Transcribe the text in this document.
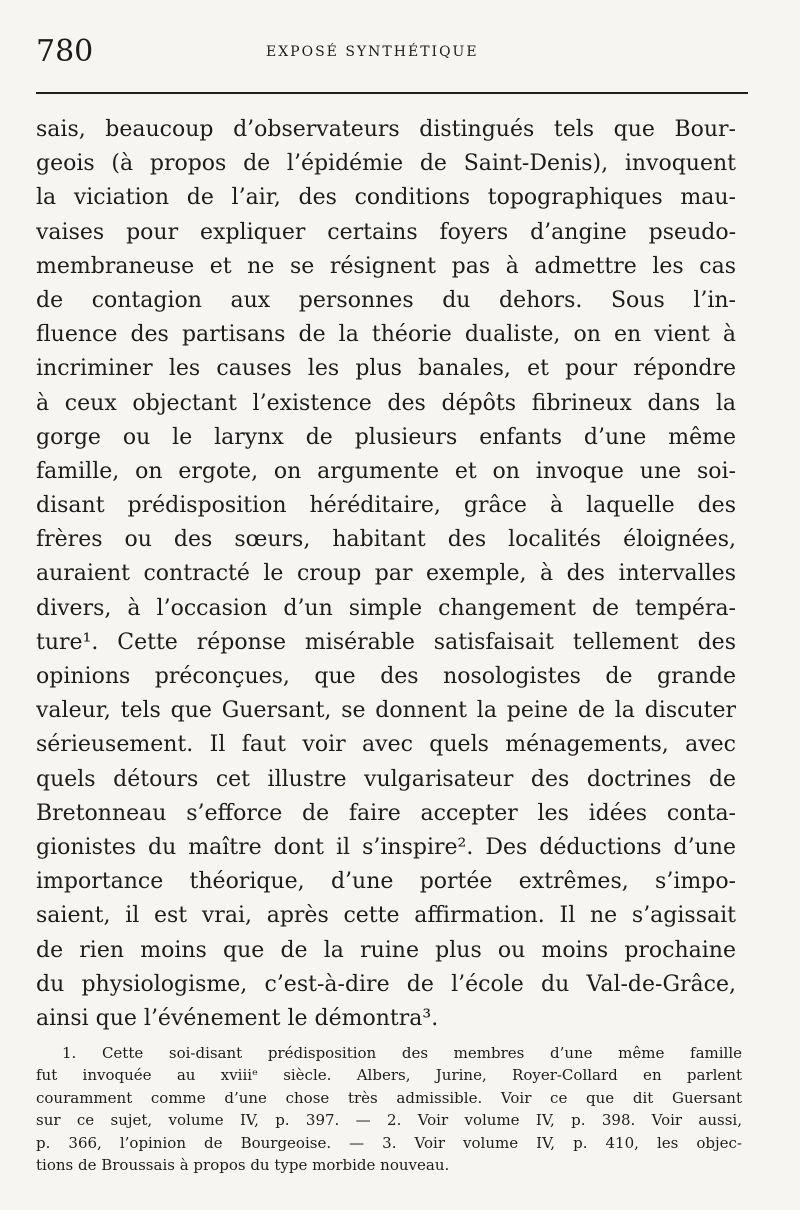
780	EXPOSÉ SYNTHÉTIQUE
sais, beaucoup d’observateurs distingués tels que Bour-
geois (à propos de l’épidémie de Saint-Denis), invoquent
la viciation de l’air, des conditions topographiques mau-
vaises pour expliquer certains foyers d’angine pseudo-
membraneuse et ne se résignent pas à admettre les cas
de contagion aux personnes du dehors. Sous l’in-
fluence des partisans de la théorie dualiste, on en vient à
incriminer les causes les plus banales, et pour répondre
à ceux objectant l’existence des dépôts fibrineux dans la
gorge ou le larynx de plusieurs enfants d’une même
famille, on ergote, on argumente et on invoque une soi-
disant prédisposition héréditaire, grâce à laquelle des
frères ou des sœurs, habitant des localités éloignées,
auraient contracté le croup par exemple, à des intervalles
divers, à l’occasion d’un simple changement de tempéra-
ture¹. Cette réponse misérable satisfaisait tellement des
opinions préconçues, que des nosologistes de grande
valeur, tels que Guersant, se donnent la peine de la discuter
sérieusement. Il faut voir avec quels ménagements, avec
quels détours cet illustre vulgarisateur des doctrines de
Bretonneau s’efforce de faire accepter les idées conta-
gionistes du maître dont il s’inspire². Des déductions d’une
importance théorique, d’une portée extrêmes, s’impo-
saient, il est vrai, après cette affirmation. Il ne s’agissait
de rien moins que de la ruine plus ou moins prochaine
du physiologisme, c’est-à-dire de l’école du Val-de-Grâce,
ainsi que l’événement le démontra³.
1. Cette soi-disant prédisposition des membres d’une même famille
fut invoquée au xviiiᵉ siècle. Albers, Jurine, Royer-Collard en parlent
couramment comme d’une chose très admissible. Voir ce que dit Guersant
sur ce sujet, volume IV, p. 397. — 2. Voir volume IV, p. 398. Voir aussi,
p. 366, l’opinion de Bourgeoise. — 3. Voir volume IV, p. 410, les objec-
tions de Broussais à propos du type morbide nouveau.
